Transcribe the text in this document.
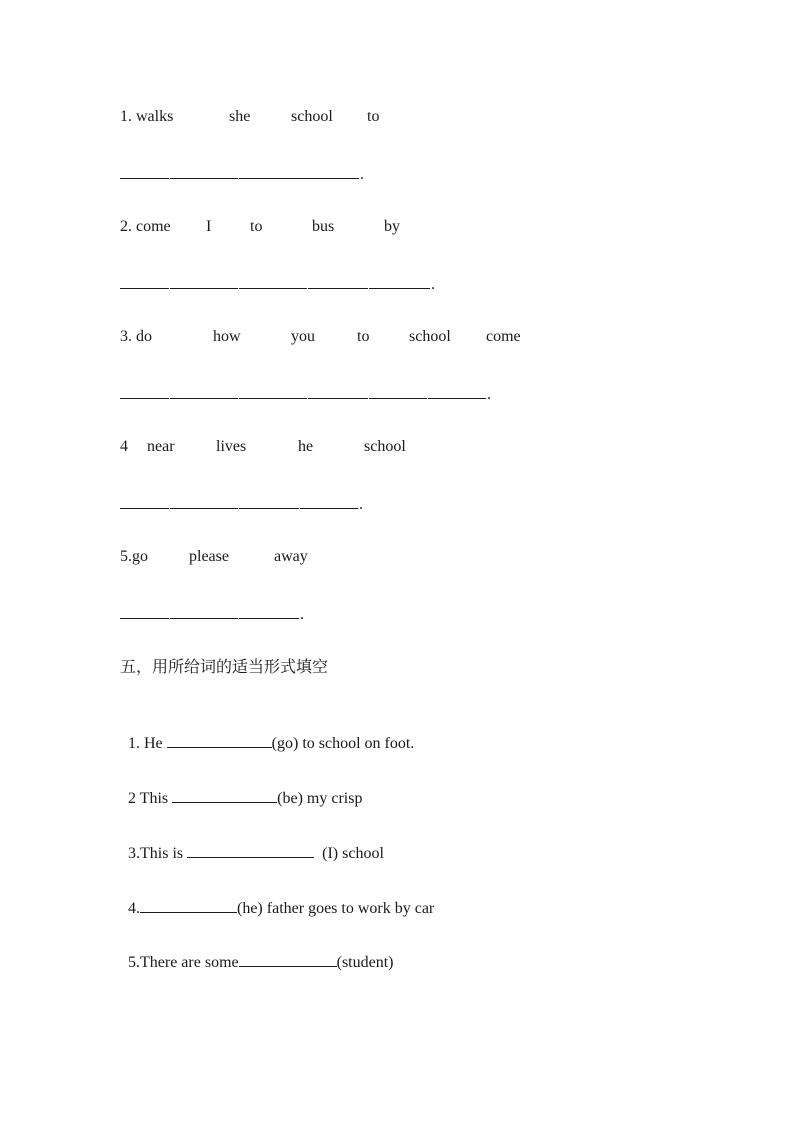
1. walks

	she

	school

to

.

2. come

I

to

	bus

	by

.

3. do

	how

	you

	to

school

come

.

4

near

	lives

	he

	school

.

5.go

	please

	away

.
五，用所给词的适当形式填空

1. He	(go) to school on foot.

2 This	(be) my crisp

3.This is	(I) school

4.	(he) father goes to work by car

5.There are some	(student)
